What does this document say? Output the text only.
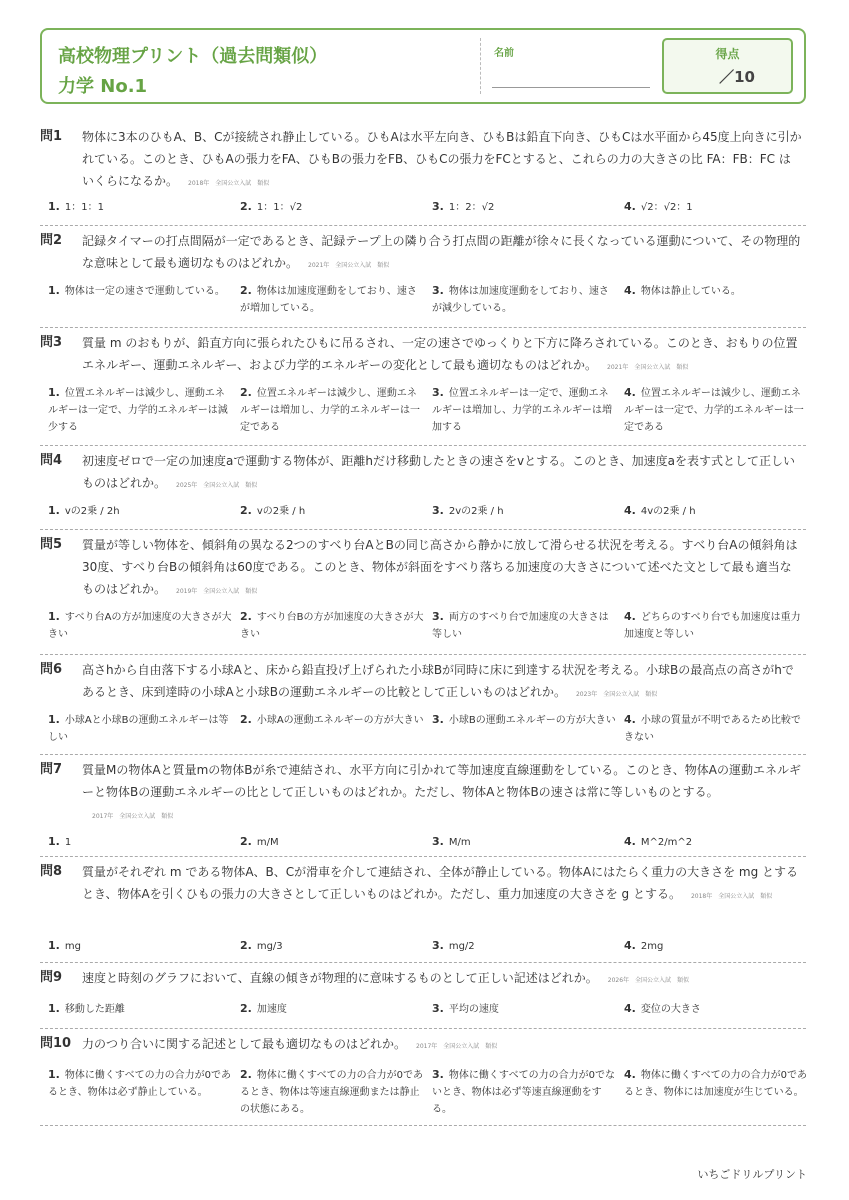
高校物理プリント（過去問類似）
力学 No.1
名前	得点
／10
問1 物体に3本のひもA、B、Cが接続され静止している。ひもAは水平左向き、ひもBは鉛直下向き、ひもCは水平面から45度上向きに引かれている。このとき、ひもAの張力をFA、ひもBの張力をFB、ひもCの張力をFCとすると、これらの力の大きさの比 FA：FB：FC はいくらになるか。 2018年　全国公立入試　類似
1. 1：1：1	2. 1：1：√2	3. 1：2：√2	4. √2：√2：1
問2 記録タイマーの打点間隔が一定であるとき、記録テープ上の隣り合う打点間の距離が徐々に長くなっている運動について、その物理的な意味として最も適切なものはどれか。 2021年　全国公立入試　類似
1. 物体は一定の速さで運動している。	2. 物体は加速度運動をしており、速さが増加している。
3. 物体は加速度運動をしており、速さが減少している。
4. 物体は静止している。
問3 質量 m のおもりが、鉛直方向に張られたひもに吊るされ、一定の速さでゆっくりと下方に降ろされている。このとき、おもりの位置エネルギー、運動エネルギー、および力学的エネルギーの変化として最も適切なものはどれか。 2021年　全国公立入試　類似
1. 位置エネルギーは減少し、運動エネルギーは一定で、力学的エネルギーは減少する
2. 位置エネルギーは減少し、運動エネルギーは増加し、力学的エネルギーは一定である
3. 位置エネルギーは一定で、運動エネルギーは増加し、力学的エネルギーは増加する
4. 位置エネルギーは減少し、運動エネルギーは一定で、力学的エネルギーは一定である
問4 初速度ゼロで一定の加速度aで運動する物体が、距離hだけ移動したときの速さをvとする。このとき、加速度aを表す式として正しいものはどれか。 2025年　全国公立入試　類似
1. vの2乗 / 2h	2. vの2乗 / h	3. 2vの2乗 / h	4. 4vの2乗 / h
問5 質量が等しい物体を、傾斜角の異なる2つのすべり台AとBの同じ高さから静かに放して滑らせる状況を考える。すべり台Aの傾斜角は30度、すべり台Bの傾斜角は60度である。このとき、物体が斜面をすべり落ちる加速度の大きさについて述べた文として最も適当なものはどれか。 2019年　全国公立入試　類似
1. すべり台Aの方が加速度の大きさが大きい
2. すべり台Bの方が加速度の大きさが大きい
3. 両方のすべり台で加速度の大きさは等しい
4. どちらのすべり台でも加速度は重力加速度と等しい
問6 高さhから自由落下する小球Aと、床から鉛直投げ上げられた小球Bが同時に床に到達する状況を考える。小球Bの最高点の高さがhであるとき、床到達時の小球Aと小球Bの運動エネルギーの比較として正しいものはどれか。 2023年　全国公立入試　類似
1. 小球Aと小球Bの運動エネルギーは等しい
2. 小球Aの運動エネルギーの方が大きい 3. 小球Bの運動エネルギーの方が大きい 4. 小球の質量が不明であるため比較できない
問7 質量Mの物体Aと質量mの物体Bが糸で連結され、水平方向に引かれて等加速度直線運動をしている。このとき、物体Aの運動エネルギーと物体Bの運動エネルギーの比として正しいものはどれか。ただし、物体Aと物体Bの速さは常に等しいものとする。2017年　全国公立入試　類似
1. 1	2. m/M	3. M/m	4. M^2/m^2
問8 質量がそれぞれ m である物体A、B、Cが滑車を介して連結され、全体が静止している。物体Aにはたらく重力の大きさを mg とするとき、物体Aを引くひもの張力の大きさとして正しいものはどれか。ただし、重力加速度の大きさを g とする。 2018年　全国公立入試　類似
1. mg	2. mg/3	3. mg/2	4. 2mg
問9 速度と時刻のグラフにおいて、直線の傾きが物理的に意味するものとして正しい記述はどれか。 2026年　全国公立入試　類似
1. 移動した距離	2. 加速度	3. 平均の速度	4. 変位の大きさ
問10 力のつり合いに関する記述として最も適切なものはどれか。 2017年　全国公立入試　類似
1. 物体に働くすべての力の合力が0であるとき、物体は必ず静止している。
2. 物体に働くすべての力の合力が0であるとき、物体は等速直線運動または静止の状態にある。
3. 物体に働くすべての力の合力が0でないとき、物体は必ず等速直線運動をする。
4. 物体に働くすべての力の合力が0であるとき、物体には加速度が生じている。
いちごドリルプリント
